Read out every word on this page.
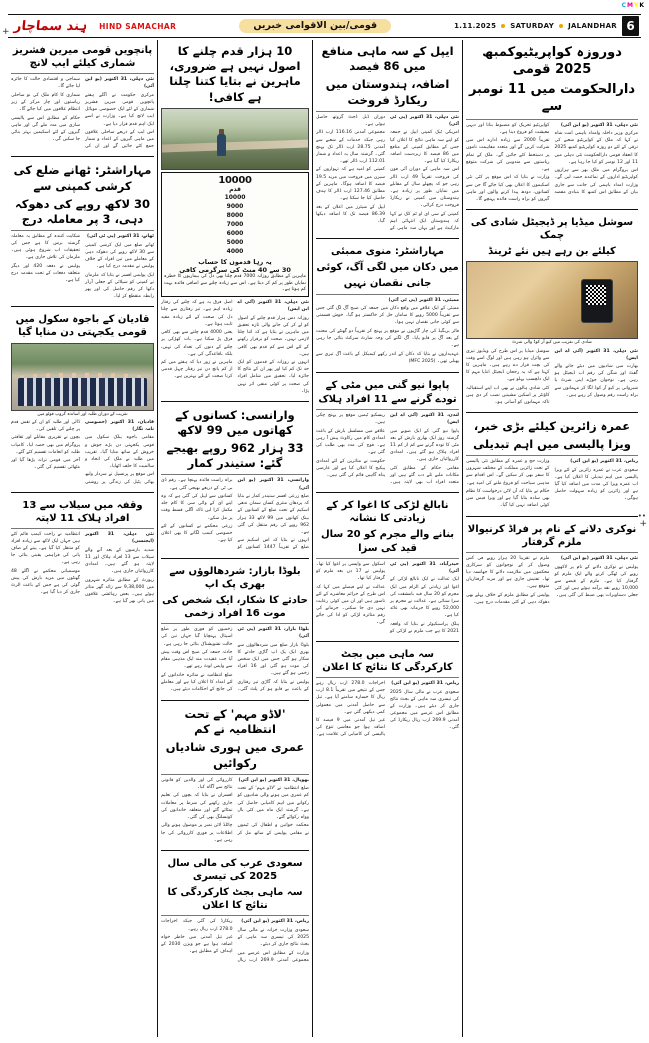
+
+
••
CMYK
ہِند سماچار	HIND SAMACHAR	قومی/بین الاقوامی خبریں	1.11.2025 SATURDAY JALANDHAR 6
دوروزہ کواپریٹیوکمبھ 2025 قومی
دارالحکومت میں 11 نومبر سے

نئی دہلی، 31 اکتوبر (یو این آئی)

مرکزی وزیر داخلہ وامداد باہمی امت شاہ نے کہا کہ ملک کے کواپریٹیو شعبے کی ترقی کے لئے دو روزہ کواپریٹیو کمبھ 2025 کا انعقاد قومی دارالحکومت نئی دہلی میں 11 اور 12 نومبر کو کیا جا رہا ہے۔

اس پروگرام میں ملک بھر سے ہزاروں کواپریٹیو اداروں کے نمائندے حصہ لیں گے۔ وزارت امداد باہمی کی جانب سے جاری بیان کے مطابق اس کمبھ کا بنیادی مقصد کواپریٹیو تحریک کو مضبوط بنانا اور دیہی معیشت کو فروغ دینا ہے۔

تقریباً 2000 سے زیادہ ادارے اس میں شرکت کریں گے اور متعدد مفاہمت ناموں پر دستخط کئے جائیں گے۔ ملک کے تمام ریاستوں سے مندوبین کی شرکت متوقع ہے۔

وزارت نے بتایا کہ اس موقع پر کئی نئی اسکیموں کا اعلان بھی کیا جائے گا جن سے کسانوں، دودھ پیدا کرنے والوں اور ماہی گیروں کو براہ راست فائدہ پہنچے گا۔

سوشل میڈیا پر ڈیجیٹل شادی کی چمک
کیلئے بن رہے ہیں نئے ٹرینڈ
شادی کی تقریب میں کیو آر کوڈ والی شرٹ

نئی دہلی، 31 اکتوبر (آئی اے این ایس)

بھارت میں شادیوں میں دیئے جانے والے گفٹ اور شگن کی رقم اب ڈیجیٹل ہو رہی ہے۔ نوجوان جوڑے اپنی شرٹ یا شیروانی پر کیو آر کوڈ لگا کر مہمانوں سے براہ راست رقم وصول کر رہے ہیں۔

سوشل میڈیا پر اس طرح کی ویڈیوز تیزی سے وائرل ہو رہی ہیں اور لوگ اسے وقت کی بچت قرار دے رہے ہیں۔ ماہرین کا کہنا ہے کہ یہ رجحان ڈیجیٹل انڈیا مہم کا ایک دلچسپ پہلو ہے۔

کئی شادی ہالوں نے بھی اب اپنے استقبالیہ کاؤنٹر پر اسکین مشینیں نصب کر دی ہیں تاکہ مہمانوں کو آسانی ہو۔

عمرہ زائرین کیلئے بڑی خبر،
ویزا پالیسی میں اہم تبدیلی

ریاض، 31 اکتوبر (یو این آئی)

سعودی عرب نے عمرہ زائرین کے لئے ویزا پالیسی میں اہم تبدیلی کا اعلان کیا ہے۔ اب عمرہ ویزا کی مدت میں اضافہ کیا گیا ہے اور زائرین کو زیادہ سہولت حاصل ہوگی۔

وزارت حج و عمرہ کے مطابق نئی پالیسی کے تحت زائرین مملکت کے مختلف شہروں کا سفر بھی کر سکیں گے۔ اس اقدام سے مذہبی سیاحت کو فروغ ملنے کی امید ہے۔

حکام نے بتایا کہ آن لائن درخواست کا نظام بھی سادہ بنایا گیا ہے اور ویزا فیس میں کوئی اضافہ نہیں کیا گیا۔

نوکری دلانے کے نام پر فراڈ کرنیوالا ملزم گرفتار

نئی دہلی، 31 اکتوبر (یو این آئی)

پولیس نے نوکری دلانے کے نام پر لاکھوں روپے کی ٹھگی کرنے والے ایک ملزم کو گرفتار کیا ہے۔ ملزم کے قبضے سے 10,000 روپے نقد برآمد ہوئے ہیں اور کئی جعلی دستاویزات بھی ضبط کی گئی ہیں۔

ملزم نے تقریباً 20 ہزار روپے فی کس وصول کر کے نوجوانوں کو سرکاری محکموں میں ملازمت دلانے کا جھانسہ دیا تھا۔ تفتیش جاری ہے اور مزید گرفتاریاں متوقع ہیں۔

پولیس کے مطابق ملزم کے خلاف پہلے بھی دھوکہ دہی کے کئی مقدمات درج ہیں۔

ایپل کے سہ ماہی منافع میں 86 فیصد
اضافہ، ہندوستان میں ریکارڈ فروخت

نئی دہلی، 31 اکتوبر (پی ٹی آئی)

امریکی ٹیک کمپنی ایپل نے جمعہ کو اپنے سہ ماہی نتائج کا اعلان کیا جس کے مطابق کمپنی کے منافع میں 86 فیصد کا زبردست اضافہ ریکارڈ کیا گیا ہے۔

اس سہ ماہی کے دوران آئی فون کی فروخت تقریباً 49 ارب ڈالر رہی جو کہ پچھلے سال کے مقابلے میں نمایاں طور پر زیادہ ہے۔ ہندوستان میں کمپنی نے ریکارڈ فروخت درج کرائی۔

کمپنی کے سی ای او ٹم کک نے کہا کہ ہندوستان ایک انتہائی اہم مارکیٹ ہے اور یہاں سہ ماہی کے دوران ڈبل ڈجٹ گروتھ حاصل ہوئی ہے۔

مجموعی آمدنی 116.16 ارب ڈالر رہی جبکہ خدمات کے شعبے سے آمدنی 28.75 ارب ڈالر تک پہنچ گئی۔ گزشتہ سال یہ اعداد و شمار 112.01 ارب ڈالر تھے۔

کمپنی کو امید ہے کہ تہواروں کے سیزن میں فروخت میں مزید 19.5 فیصد کا اضافہ ہوگا۔ ماہرین کے مطابق 127.46 ارب ڈالر کا ہدف حاصل کیا جا سکتا ہے۔

ایپل کے شیئرز میں اعلان کے بعد 86.39 فیصد تک کا اضافہ دیکھا گیا۔

مہاراشٹر: منوی ممبئی
میں دکان میں لگی آگ، کوئی
جانی نقصان نہیں

ممبئی، 31 اکتوبر (پی ٹی آئی)

ممبئی کے ایک علاقے میں واقع دکان میں جمعہ کی صبح آگ لگ گئی جس سے تقریباً 5000 روپے کا سامان جل کر خاکستر ہو گیا۔ خوش قسمتی سے کوئی جانی نقصان نہیں ہوا۔

فائر بریگیڈ کی چار گاڑیوں نے موقع پر پہنچ کر تقریباً دو گھنٹے کی محنت کے بعد آگ پر قابو پایا۔ آگ لگنے کی وجہ شارٹ سرکٹ بتائی جا رہی ہے۔

عہدیداروں نے بتایا کہ دکان کے اندر رکھے کیمیکل کے باعث آگ تیزی سے پھیلی تھی۔ (MFC 2025)

پاپوا نیو گنی میں مٹی کے تودے گرنے سے 11 افراد ہلاک

لندن، 31 اکتوبر (آئی اے این ایس)

پاپوا نیو گنی کے ایک صوبے میں گزشتہ روز ایک بھاری بارش کے بعد مٹی کا تودہ گرنے سے کم از کم 11 افراد ہلاک ہو گئے ہیں۔ امدادی کارروائیاں جاری ہیں۔

مقامی حکام کے مطابق کئی مکانات ملبے تلے دب گئے ہیں اور متعدد افراد اب بھی لاپتہ ہیں۔ ریسکیو ٹیمیں موقع پر پہنچ چکی ہیں۔

علاقے میں مسلسل بارش کے باعث امدادی کام میں رکاوٹ پیش آ رہی ہے۔ فوج کی مدد بھی طلب کی گئی ہے۔

حکومت نے متاثرین کے لئے امدادی پیکیج کا اعلان کیا ہے اور عارضی پناہ گاہیں قائم کی گئی ہیں۔

نابالغ لڑکی کا اغوا کر کے زیادتی کا نشانہ
بنانے والے مجرم کو 20 سال قید کی سزا

حیدرآباد، 31 اکتوبر (پی ٹی آئی)

ایک عدالت نے ایک نابالغ لڑکی کے اغوا اور زیادتی کے الزام میں ایک مجرم کو 20 سال قید بامشقت کی سزا سنائی ہے۔ عدالت نے مجرم پر 52,000 روپے کا جرمانہ بھی عائد کیا ہے۔

پبلک پراسیکیوٹر نے بتایا کہ واقعہ 2021 کا ہے جب ملزم نے لڑکی کو اسکول سے واپسی پر اغوا کیا تھا۔ پولیس نے 17 دن بعد ملزم کو گرفتار کیا تھا۔

عدالت نے اپنے فیصلے میں کہا کہ اس طرح کے جرائم معاشرے کے لئے ناسور ہیں اور ان میں کوئی رعایت نہیں دی جا سکتی۔ جرمانے کی رقم متاثرہ لڑکی کو ادا کی جائے گی۔

سہ ماہی میں بجٹ کارکردگی کا نتائج کا اعلان

ریاض، 31 اکتوبر (یو این آئی)

سعودی عرب نے مالی سال 2025 کی تیسری سہ ماہی کے بجٹ نتائج جاری کر دیئے ہیں۔ وزارت کے مطابق اس عرصے میں مجموعی آمدنی 269.9 ارب ریال ریکارڈ کی گئی۔

اخراجات 278.0 ارب ریال رہے جس کے نتیجے میں تقریباً 8.1 ارب ریال کا خسارہ سامنے آیا ہے۔ تیل سے حاصل آمدنی میں معمولی کمی دیکھی گئی ہے۔

غیر تیل آمدنی میں 9 فیصد کا اضافہ ہوا جو معاشی تنوع کی پالیسی کی کامیابی کی علامت ہے۔

10 ہزار قدم چلنے کا اصول نہیں ہے ضروری، ماہرین نے بتایا کتنا چلنا ہے کافی!
10000
قدم
10000
9000
8000
7000
6000
5000
4000
یہ رہا قدموں کا حساب
30 سے 40 منٹ کی سرگرمی کافی
ماہرین کے مطابق روزانہ 7000 قدم چلنا بھی دل کی بیماریوں کا خطرہ نمایاں طور پر کم کر دیتا ہے۔ اس سے زیادہ چلنے سے اضافی فائدہ بہت کم ہوتا ہے۔

نئی دہلی، 31 اکتوبر (آئی اے این ایس)

روزانہ دس ہزار قدم چلنے کے اصول کو لے کر کی جانے والی تازہ تحقیق میں ماہرین نے بتایا ہے کہ اتنا چلنا لازمی نہیں۔ صحت کو برقرار رکھنے کے لئے اس سے کم قدم بھی کافی ہیں۔

انہوں نے روزانہ کے قدموں کو ایک حد تک کم کیا اور پھر ان کے نتائج کا جائزہ لیا۔ تحقیق میں شامل افراد کی صحت پر کوئی منفی اثر نہیں پڑا۔

اصل فرق یہ ہے کہ چلنے کی رفتار زیادہ اہم ہے۔ تیز رفتاری سے چلنا دل کی صحت کے لئے زیادہ مفید ثابت ہوتا ہے۔

یعنی 4000 قدم چلنے سے بھی کافی فرق پڑ سکتا ہے۔ بات کھڑکی پر چلنے کے دنوں کی تعداد کی نہیں، بلکہ باقاعدگی کی ہے۔

ماہرین نے زور دیا کہ ہفتے میں کم از کم پانچ دن تیز رفتار چہل قدمی کرنا صحت کے لئے بہترین ہے۔

وارانسی: کسانوں کے کھاتوں میں 99 لاکھ
33 ہزار 962 روپے بھیجے گئے: ستیندر کمار

وارانسی، 31 اکتوبر (یو این آئی)

ضلع زرعی افسر ستیندر کمار نے بتایا کہ پردھان منتری کسان سمان ندھی اسکیم کے تحت ضلع کے کسانوں کے بینک کھاتوں میں 99 لاکھ 33 ہزار 962 روپے کی رقم منتقل کی گئی ہے۔

انہوں نے بتایا کہ اس اسکیم سے ضلع کے تقریباً 1447 کسانوں کو براہ راست فائدہ پہنچا ہے۔ رقم ڈی بی ٹی کے ذریعے بھیجی گئی ہے۔

کسانوں سے اپیل کی گئی ہے کہ وہ اپنے ای کے وائی سی کا کام جلد مکمل کرا لیں تاکہ اگلی قسط وقت پر مل سکے۔

زرعی محکمے نے کسانوں کے لئے خصوصی کیمپ لگانے کا بھی اعلان کیا ہے۔

بلوڈا بازار: شردھالوؤں سے بھری پک اپ
حادثے کا شکار، ایک شخص کی موت 16 افراد زخمی

بلوڈا بازار، 31 اکتوبر (پی ٹی آئی)

بلوڈا بازار ضلع میں شردھالوؤں سے بھری ایک پک اپ گاڑی حادثے کا شکار ہو گئی جس میں ایک شخص کی موت ہو گئی اور 16 افراد زخمی ہو گئے ہیں۔

پولیس نے بتایا کہ گاڑی تیز رفتاری کے باعث بے قابو ہو کر پلٹ گئی۔ زخمیوں کو فوری طور پر ضلع اسپتال پہنچایا گیا جہاں تین کی حالت تشویشناک بتائی جا رہی ہے۔

حادثہ جمعہ کی صبح اس وقت پیش آیا جب عقیدت مند ایک مذہبی مقام سے واپس لوٹ رہے تھے۔

ضلع انتظامیہ نے متاثرہ خاندانوں کے لئے امداد کا اعلان کیا ہے اور معاملے کی جانچ کے احکامات دیئے ہیں۔

'لاڈو مہم' کے تحت انتظامیہ نے کم
عمری میں ہوری شادیاں رکوائیں

بھوپال، 31 اکتوبر (یو این آئی)

ضلع انتظامیہ نے 'لاڈو مہم' کے تحت کم عمری میں ہونے والی شادیوں کو رکوانے میں اہم کامیابی حاصل کی ہے۔ گزشتہ ایک ماہ میں کئی بال وواہ رکوائے گئے۔

محکمہ خواتین و اطفال کی ٹیموں نے مقامی پولیس کے ساتھ مل کر کارروائی کی اور والدین کو قانونی نتائج سے آگاہ کیا۔

افسران نے بتایا کہ بچوں کی تعلیم جاری رکھنے کی شرط پر معاملات نمٹائے گئے اور متعلقہ خاندانوں کی کونسلنگ بھی کی گئی۔

چائلڈ لائن نمبر پر موصول ہونے والی اطلاعات پر فوری کارروائی کی جا رہی ہے۔

سعودی عرب کی مالی سال 2025 کی تیسری
سہ ماہی بجٹ کارکردگی کا نتائج کا اعلان

ریاض، 31 اکتوبر (یو این آئی)

سعودی وزارت خزانہ نے مالی سال 2025 کی تیسری سہ ماہی کے بجٹ نتائج جاری کر دیئے۔

وزارت کے مطابق اس عرصے میں مجموعی آمدنی 269.9 ارب ریال ریکارڈ کی گئی جبکہ اخراجات 278.0 ارب ریال رہے۔

غیر تیل آمدنی میں خاطر خواہ اضافہ ہوا ہے جو ویژن 2030 کے اہداف کے مطابق ہے۔

پانچویں قومی میرین فشریز شماری کیلئے ایپ لانچ

نئی دہلی، 31 اکتوبر (یو این آئی)

مرکزی حکومت نے اگلے ہفتے پانچویں قومی میرین فشریز شماری کے لئے ایک خصوصی موبائل ایپ لانچ کیا ہے۔ وزارت نے اسے ایک اہم قدم قرار دیا ہے۔

اس ایپ کے ذریعے ساحلی علاقوں میں ماہی گیروں کے اعداد و شمار جمع کئے جائیں گے اور ان کی سماجی و اقتصادی حالت کا جائزہ لیا جائے گا۔

شماری کا کام ملک کی نو ساحلی ریاستوں اور چار مرکز کے زیر انتظام علاقوں میں کیا جائے گا۔

حکام کے مطابق اس سے پالیسی سازی میں مدد ملے گی اور ماہی گیروں کے لئے اسکیمیں بہتر بنائی جا سکیں گی۔

مہاراشٹر: ٹھانے ضلع کی کرشی کمپنی سے
30 لاکھ روپے کی دھوکہ دہی، 3 پر معاملہ درج

ٹھانے، 31 اکتوبر (پی ٹی آئی)

ٹھانے ضلع میں ایک کرشی کمپنی سے 30 لاکھ روپے کی دھوکہ دہی کے معاملے میں تین افراد کے خلاف پولیس نے مقدمہ درج کیا ہے۔

ایک پولیس افسر نے بتایا کہ ملزمان نے کمپنی کو سپلائی کے جعلی آرڈر دکھا کر رقم حاصل کی اور پھر رابطہ منقطع کر لیا۔

شکایت کنندہ کے مطابق یہ معاملہ گزشتہ برس کا ہے جس کی تحقیقات اب شروع ہوئی ہیں۔ ملزمان کی تلاش جاری ہے۔

پولیس نے دفعہ 420 اور دیگر متعلقہ دفعات کے تحت مقدمہ درج کیا ہے۔

قادیان کے باجوہ سکول میں قومی یکجہتی دن منایا گیا
تقریب کے دوران طلبہ اور اساتذہ گروپ فوٹو میں

قادیان، 31 اکتوبر (خصوصی نامہ نگار)

مقامی باجوہ پبلک سکول میں قومی یکجہتی دن بڑے جوش و خروش کے ساتھ منایا گیا۔ تقریب میں طلبہ نے ملک کی اتحاد و سالمیت کا حلف اٹھایا۔

اس موقع پر پرنسپل نے سردار ولبھ بھائی پٹیل کی زندگی پر روشنی ڈالی اور طلبہ کو ان کے نقش قدم پر چلنے کی تلقین کی۔

بچوں نے تقریری مقابلے اور ثقافتی پروگرام میں بھی حصہ لیا۔ کامیاب طلبہ کو انعامات تقسیم کئے گئے۔

آخر میں قومی ترانہ پڑھا گیا اور مٹھائی تقسیم کی گئی۔

وقفہ میں سیلاب سے 13 افراد ہلاک 11 لاپتہ

نئی دہلی، 31 اکتوبر (ایجنسی)

شدید بارشوں کے بعد آنے والے سیلاب سے 13 افراد ہلاک اور 11 لاپتہ ہو گئے ہیں۔ امدادی کارروائیاں جاری ہیں۔

رپورٹ کے مطابق متاثرہ شہروں میں 9,38,000 سے زائد گھر متاثر ہوئے ہیں۔ بعض رہائشی علاقوں میں پانی بھر گیا ہے۔

انتظامیہ نے راحت کیمپ قائم کئے ہیں جہاں ایک لاکھ سے زیادہ افراد کو منتقل کیا گیا ہے۔ پینے کے صاف پانی کی فراہمی یقینی بنائی جا رہی ہے۔

موسمیاتی محکمے نے اگلے 48 گھنٹوں میں مزید بارش کی پیش گوئی کی ہے جس کے باعث الرٹ جاری کر دیا گیا ہے۔
